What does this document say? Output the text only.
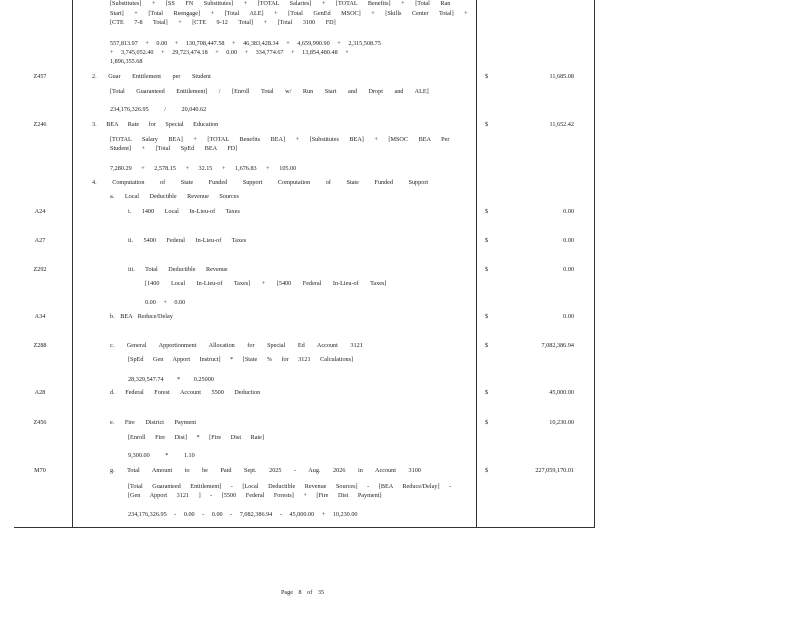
[Substitutes] + [SS FN Substitutes] + [TOTAL Salaries] + [TOTAL Benefits] + [Total Ran
Start] + [Total Reengage] + [Total ALE] + [Total GenEd MSOC] + [Skills Center Total] +
[CTE 7-8 Total] + [CTE 9-12 Total] + [Total 3100 FD]
557,813.97 + 0.00 + 130,708,447.58 + 46,383,428.34 + 4,659,990.90 + 2,315,508.75
+ 3,745,052.40 + 29,723,474.18 + 0.00 + 334,774.67 + 13,854,480.48 +
1,896,355.68
Z457	2. Guar Entitlement per Student	$	11,685.08
[Total Guaranteed Entitlement] / [Enroll Total w/ Run Start and Dropt and ALE]
234,176,326.95 / 20,040.62
Z246	3. BEA Rate for Special Education	$	11,652.42
[TOTAL Salary BEA] + [TOTAL Benefits BEA] + [Substitutes BEA] + [MSOC BEA Per Student] + [Total SpEd BEA FD]
7,280.29 + 2,578.15 + 32.15 + 1,676.83 + 105.00
4. Computation of State Funded Support Computation of State Funded Support
a. Local Deductible Revenue Sources
A24	i. 1400 Local In-Lieu-of Taxes	$	0.00
A27	ii. 5400 Federal In-Lieu-of Taxes	$	0.00
Z292	iii. Total Deductible Revenue	$	0.00
[1400 Local In-Lieu-of Taxes] + [5400 Federal In-Lieu-of Taxes]
0.00 + 0.00
A34	b. BEA Reduce/Delay	$	0.00
Z288	c. General Apportionment Allocation for Special Ed Account 3121	$	7,082,386.94
[SpEd Gen Apport Instruct] * [State % for 3121 Calculations]
28,329,547.74 * 0.25000
A28	d. Federal Forest Account 5500 Deduction	$	45,000.00
Z456	e. Fire District Payment	$	10,230.00
[Enroll Fire Dist] * [Fire Dist Rate]
9,300.00 * 1.10
M70	g. Total Amount to be Paid Sept. 2025 - Aug. 2026 in Account 3100	$	227,059,170.01
[Total Guaranteed Entitlement] - [Local Deductible Revenue Sources] - [BEA Reduce/Delay] - [Gen Apport 3121 ] - [5500 Federal Forests] + [Fire Dist Payment]
234,176,326.95 - 0.00 - 0.00 - 7,082,386.94 - 45,000.00 + 10,230.00
Page 8 of 35
